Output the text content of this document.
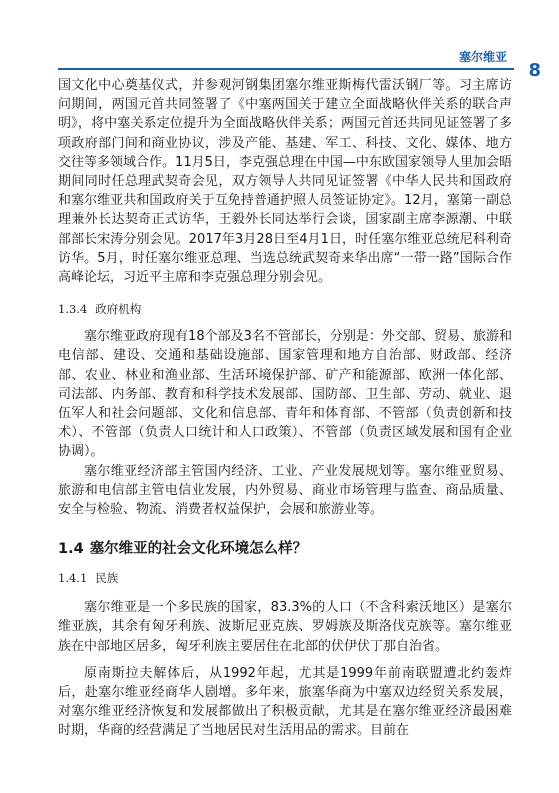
塞尔维亚
8

国文化中心奠基仪式，并参观河钢集团塞尔维亚斯梅代雷沃钢厂等。习主席访问期间，两国元首共同签署了《中塞两国关于建立全面战略伙伴关系的联合声明》，将中塞关系定位提升为全面战略伙伴关系；两国元首还共同见证签署了多项政府部门间和商业协议，涉及产能、基建、军工、科技、文化、媒体、地方交往等多领域合作。11月5日，李克强总理在中国—中东欧国家领导人里加会晤期间同时任总理武契奇会见，双方领导人共同见证签署《中华人民共和国政府和塞尔维亚共和国政府关于互免持普通护照人员签证协定》。12月，塞第一副总理兼外长达契奇正式访华，王毅外长同达举行会谈，国家副主席李源潮、中联部部长宋涛分别会见。2017年3月28日至4月1日，时任塞尔维亚总统尼科利奇访华。5月，时任塞尔维亚总理、当选总统武契奇来华出席“一带一路”国际合作高峰论坛，习近平主席和李克强总理分别会见。

1.3.4 政府机构

塞尔维亚政府现有18个部及3名不管部长，分别是：外交部、贸易、旅游和电信部、建设、交通和基础设施部、国家管理和地方自治部、财政部、经济部、农业、林业和渔业部、生活环境保护部、矿产和能源部、欧洲一体化部、司法部、内务部、教育和科学技术发展部、国防部、卫生部、劳动、就业、退伍军人和社会问题部、文化和信息部、青年和体育部、不管部（负责创新和技术）、不管部（负责人口统计和人口政策）、不管部（负责区域发展和国有企业协调）。

塞尔维亚经济部主管国内经济、工业、产业发展规划等。塞尔维亚贸易、旅游和电信部主管电信业发展，内外贸易、商业市场管理与监查、商品质量、安全与检验、物流、消费者权益保护，会展和旅游业等。

1.4 塞尔维亚的社会文化环境怎么样？
1.4.1 民族

塞尔维亚是一个多民族的国家，83.3%的人口（不含科索沃地区）是塞尔维亚族，其余有匈牙利族、波斯尼亚克族、罗姆族及斯洛伐克族等。塞尔维亚族在中部地区居多，匈牙利族主要居住在北部的伏伊伏丁那自治省。

原南斯拉夫解体后，从1992年起，尤其是1999年前南联盟遭北约轰炸后，赴塞尔维亚经商华人剧增。多年来，旅塞华商为中塞双边经贸关系发展，对塞尔维亚经济恢复和发展都做出了积极贡献，尤其是在塞尔维亚经济最困难时期，华商的经营满足了当地居民对生活用品的需求。目前在
